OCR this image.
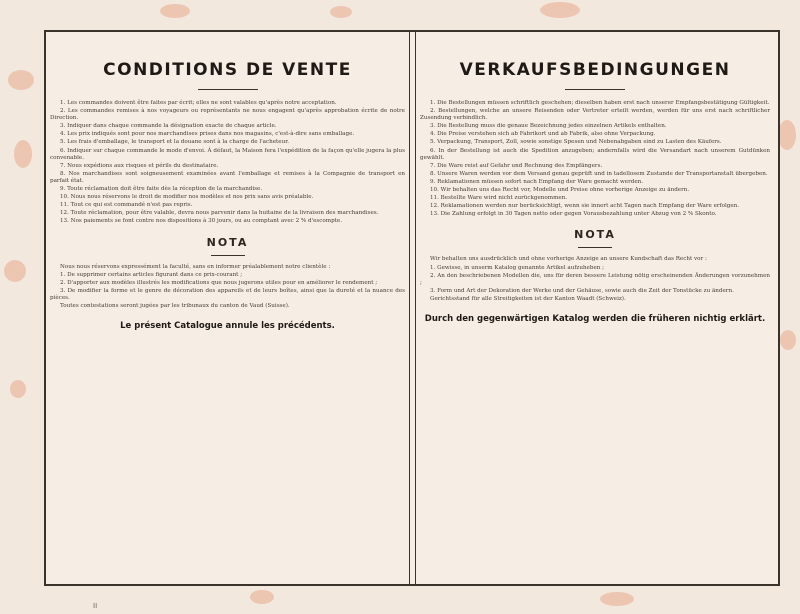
CONDITIONS DE VENTE

1. Les commandes doivent être faites par écrit; elles ne sont valables qu'après notre acceptation.

2. Les commandes remises à nos voyageurs ou représentants ne nous engagent qu'après approbation écrite de notre Direction.

3. Indiquer dans chaque commande la désignation exacte de chaque article.

4. Les prix indiqués sont pour nos marchandises prises dans nos magasins, c'est-à-dire sans emballage.

5. Les frais d'emballage, le transport et la douane sont à la charge de l'acheteur.

6. Indiquer sur chaque commande le mode d'envoi. À défaut, la Maison fera l'expédition de la façon qu'elle jugera la plus convenable.

7. Nous expédions aux risques et périls du destinataire.

8. Nos marchandises sont soigneusement examinées avant l'emballage et remises à la Compagnie de transport en parfait état.

9. Toute réclamation doit être faite dès la réception de la marchandise.

10. Nous nous réservons le droit de modifier nos modèles et nos prix sans avis préalable.

11. Tout ce qui est commandé n'est pas repris.

12. Toute réclamation, pour être valable, devra nous parvenir dans la huitaine de la livraison des marchandises.

13. Nos paiements se font contre nos dispositions à 30 jours, ou au comptant avec 2 % d'escompte.

NOTA

Nous nous réservons expressément la faculté, sans en informer préalablement notre clientèle :

1. De supprimer certains articles figurant dans ce prix-courant ;

2. D'apporter aux modèles illustrés les modifications que nous jugerons utiles pour en améliorer le rendement ;

3. De modifier la forme et le genre de décoration des appareils et de leurs boîtes, ainsi que la dureté et la nuance des pièces.

Toutes contestations seront jugées par les tribunaux du canton de Vaud (Suisse).

Le présent Catalogue annule les précédents.
VERKAUFSBEDINGUNGEN

1. Die Bestellungen müssen schriftlich geschehen; dieselben haben erst nach unserer Empfangsbestätigung Gültigkeit.

2. Bestellungen, welche an unsere Reisenden oder Vertreter erteilt werden, werden für uns erst nach schriftlicher Zusendung verbindlich.

3. Die Bestellung muss die genaue Bezeichnung jedes einzelnen Artikels enthalten.

4. Die Preise verstehen sich ab Fabrikort und ab Fabrik, also ohne Verpackung.

5. Verpackung, Transport, Zoll, sowie sonstige Spesen und Nebenabgaben sind zu Lasten des Käufers.

6. In der Bestellung ist auch die Spedition anzugeben; andernfalls wird die Versandart nach unserem Gutdünken gewählt.

7. Die Ware reist auf Gefahr und Rechnung des Empfängers.

8. Unsere Waren werden vor dem Versand genau geprüft und in tadellosem Zustande der Transportanstalt übergeben.

9. Reklamationen müssen sofort nach Empfang der Ware gemacht werden.

10. Wir behalten uns das Recht vor, Modelle und Preise ohne vorherige Anzeige zu ändern.

11. Bestellte Ware wird nicht zurückgenommen.

12. Reklamationen werden nur berücksichtigt, wenn sie innert acht Tagen nach Empfang der Ware erfolgen.

13. Die Zahlung erfolgt in 30 Tagen netto oder gegen Vorausbezahlung unter Abzug von 2 % Skonto.

NOTA

Wir behalten uns ausdrücklich und ohne vorherige Anzeige an unsere Kundschaft das Recht vor :

1. Gewisse, in unserm Katalog genannte Artikel aufzuheben ;

2. An den beschriebenen Modellen die, uns für deren bessere Leistung nötig erscheinenden Änderungen vorzunehmen ;

3. Form und Art der Dekoration der Werke und der Gehäuse, sowie auch die Zeit der Tonstücke zu ändern.

Gerichtsstand für alle Streitigkeiten ist der Kanton Waadt (Schweiz).

Durch den gegenwärtigen Katalog werden die früheren nichtig erklärt.
II
